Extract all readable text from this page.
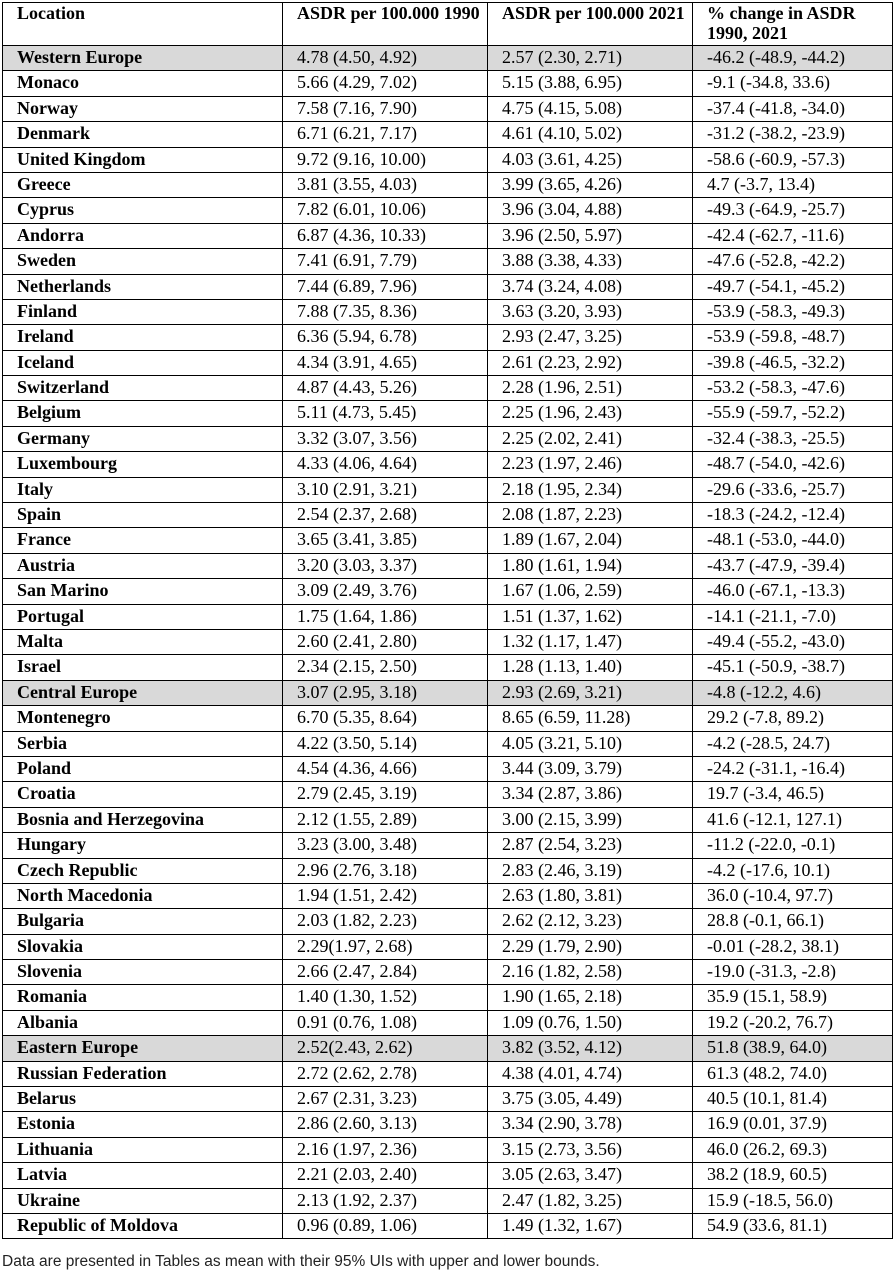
Location	ASDR per 100.000 1990	ASDR per 100.000 2021	% change in ASDR 1990, 2021
Western Europe	4.78 (4.50, 4.92)	2.57 (2.30, 2.71)	-46.2 (-48.9, -44.2)
Monaco	5.66 (4.29, 7.02)	5.15 (3.88, 6.95)	-9.1 (-34.8, 33.6)
Norway	7.58 (7.16, 7.90)	4.75 (4.15, 5.08)	-37.4 (-41.8, -34.0)
Denmark	6.71 (6.21, 7.17)	4.61 (4.10, 5.02)	-31.2 (-38.2, -23.9)
United Kingdom	9.72 (9.16, 10.00)	4.03 (3.61, 4.25)	-58.6 (-60.9, -57.3)
Greece	3.81 (3.55, 4.03)	3.99 (3.65, 4.26)	4.7 (-3.7, 13.4)
Cyprus	7.82 (6.01, 10.06)	3.96 (3.04, 4.88)	-49.3 (-64.9, -25.7)
Andorra	6.87 (4.36, 10.33)	3.96 (2.50, 5.97)	-42.4 (-62.7, -11.6)
Sweden	7.41 (6.91, 7.79)	3.88 (3.38, 4.33)	-47.6 (-52.8, -42.2)
Netherlands	7.44 (6.89, 7.96)	3.74 (3.24, 4.08)	-49.7 (-54.1, -45.2)
Finland	7.88 (7.35, 8.36)	3.63 (3.20, 3.93)	-53.9 (-58.3, -49.3)
Ireland	6.36 (5.94, 6.78)	2.93 (2.47, 3.25)	-53.9 (-59.8, -48.7)
Iceland	4.34 (3.91, 4.65)	2.61 (2.23, 2.92)	-39.8 (-46.5, -32.2)
Switzerland	4.87 (4.43, 5.26)	2.28 (1.96, 2.51)	-53.2 (-58.3, -47.6)
Belgium	5.11 (4.73, 5.45)	2.25 (1.96, 2.43)	-55.9 (-59.7, -52.2)
Germany	3.32 (3.07, 3.56)	2.25 (2.02, 2.41)	-32.4 (-38.3, -25.5)
Luxembourg	4.33 (4.06, 4.64)	2.23 (1.97, 2.46)	-48.7 (-54.0, -42.6)
Italy	3.10 (2.91, 3.21)	2.18 (1.95, 2.34)	-29.6 (-33.6, -25.7)
Spain	2.54 (2.37, 2.68)	2.08 (1.87, 2.23)	-18.3 (-24.2, -12.4)
France	3.65 (3.41, 3.85)	1.89 (1.67, 2.04)	-48.1 (-53.0, -44.0)
Austria	3.20 (3.03, 3.37)	1.80 (1.61, 1.94)	-43.7 (-47.9, -39.4)
San Marino	3.09 (2.49, 3.76)	1.67 (1.06, 2.59)	-46.0 (-67.1, -13.3)
Portugal	1.75 (1.64, 1.86)	1.51 (1.37, 1.62)	-14.1 (-21.1, -7.0)
Malta	2.60 (2.41, 2.80)	1.32 (1.17, 1.47)	-49.4 (-55.2, -43.0)
Israel	2.34 (2.15, 2.50)	1.28 (1.13, 1.40)	-45.1 (-50.9, -38.7)
Central Europe	3.07 (2.95, 3.18)	2.93 (2.69, 3.21)	-4.8 (-12.2, 4.6)
Montenegro	6.70 (5.35, 8.64)	8.65 (6.59, 11.28)	29.2 (-7.8, 89.2)
Serbia	4.22 (3.50, 5.14)	4.05 (3.21, 5.10)	-4.2 (-28.5, 24.7)
Poland	4.54 (4.36, 4.66)	3.44 (3.09, 3.79)	-24.2 (-31.1, -16.4)
Croatia	2.79 (2.45, 3.19)	3.34 (2.87, 3.86)	19.7 (-3.4, 46.5)
Bosnia and Herzegovina	2.12 (1.55, 2.89)	3.00 (2.15, 3.99)	41.6 (-12.1, 127.1)
Hungary	3.23 (3.00, 3.48)	2.87 (2.54, 3.23)	-11.2 (-22.0, -0.1)
Czech Republic	2.96 (2.76, 3.18)	2.83 (2.46, 3.19)	-4.2 (-17.6, 10.1)
North Macedonia	1.94 (1.51, 2.42)	2.63 (1.80, 3.81)	36.0 (-10.4, 97.7)
Bulgaria	2.03 (1.82, 2.23)	2.62 (2.12, 3.23)	28.8 (-0.1, 66.1)
Slovakia	2.29(1.97, 2.68)	2.29 (1.79, 2.90)	-0.01 (-28.2, 38.1)
Slovenia	2.66 (2.47, 2.84)	2.16 (1.82, 2.58)	-19.0 (-31.3, -2.8)
Romania	1.40 (1.30, 1.52)	1.90 (1.65, 2.18)	35.9 (15.1, 58.9)
Albania	0.91 (0.76, 1.08)	1.09 (0.76, 1.50)	19.2 (-20.2, 76.7)
Eastern Europe	2.52(2.43, 2.62)	3.82 (3.52, 4.12)	51.8 (38.9, 64.0)
Russian Federation	2.72 (2.62, 2.78)	4.38 (4.01, 4.74)	61.3 (48.2, 74.0)
Belarus	2.67 (2.31, 3.23)	3.75 (3.05, 4.49)	40.5 (10.1, 81.4)
Estonia	2.86 (2.60, 3.13)	3.34 (2.90, 3.78)	16.9 (0.01, 37.9)
Lithuania	2.16 (1.97, 2.36)	3.15 (2.73, 3.56)	46.0 (26.2, 69.3)
Latvia	2.21 (2.03, 2.40)	3.05 (2.63, 3.47)	38.2 (18.9, 60.5)
Ukraine	2.13 (1.92, 2.37)	2.47 (1.82, 3.25)	15.9 (-18.5, 56.0)
Republic of Moldova	0.96 (0.89, 1.06)	1.49 (1.32, 1.67)	54.9 (33.6, 81.1)
Data are presented in Tables as mean with their 95% UIs with upper and lower bounds.
